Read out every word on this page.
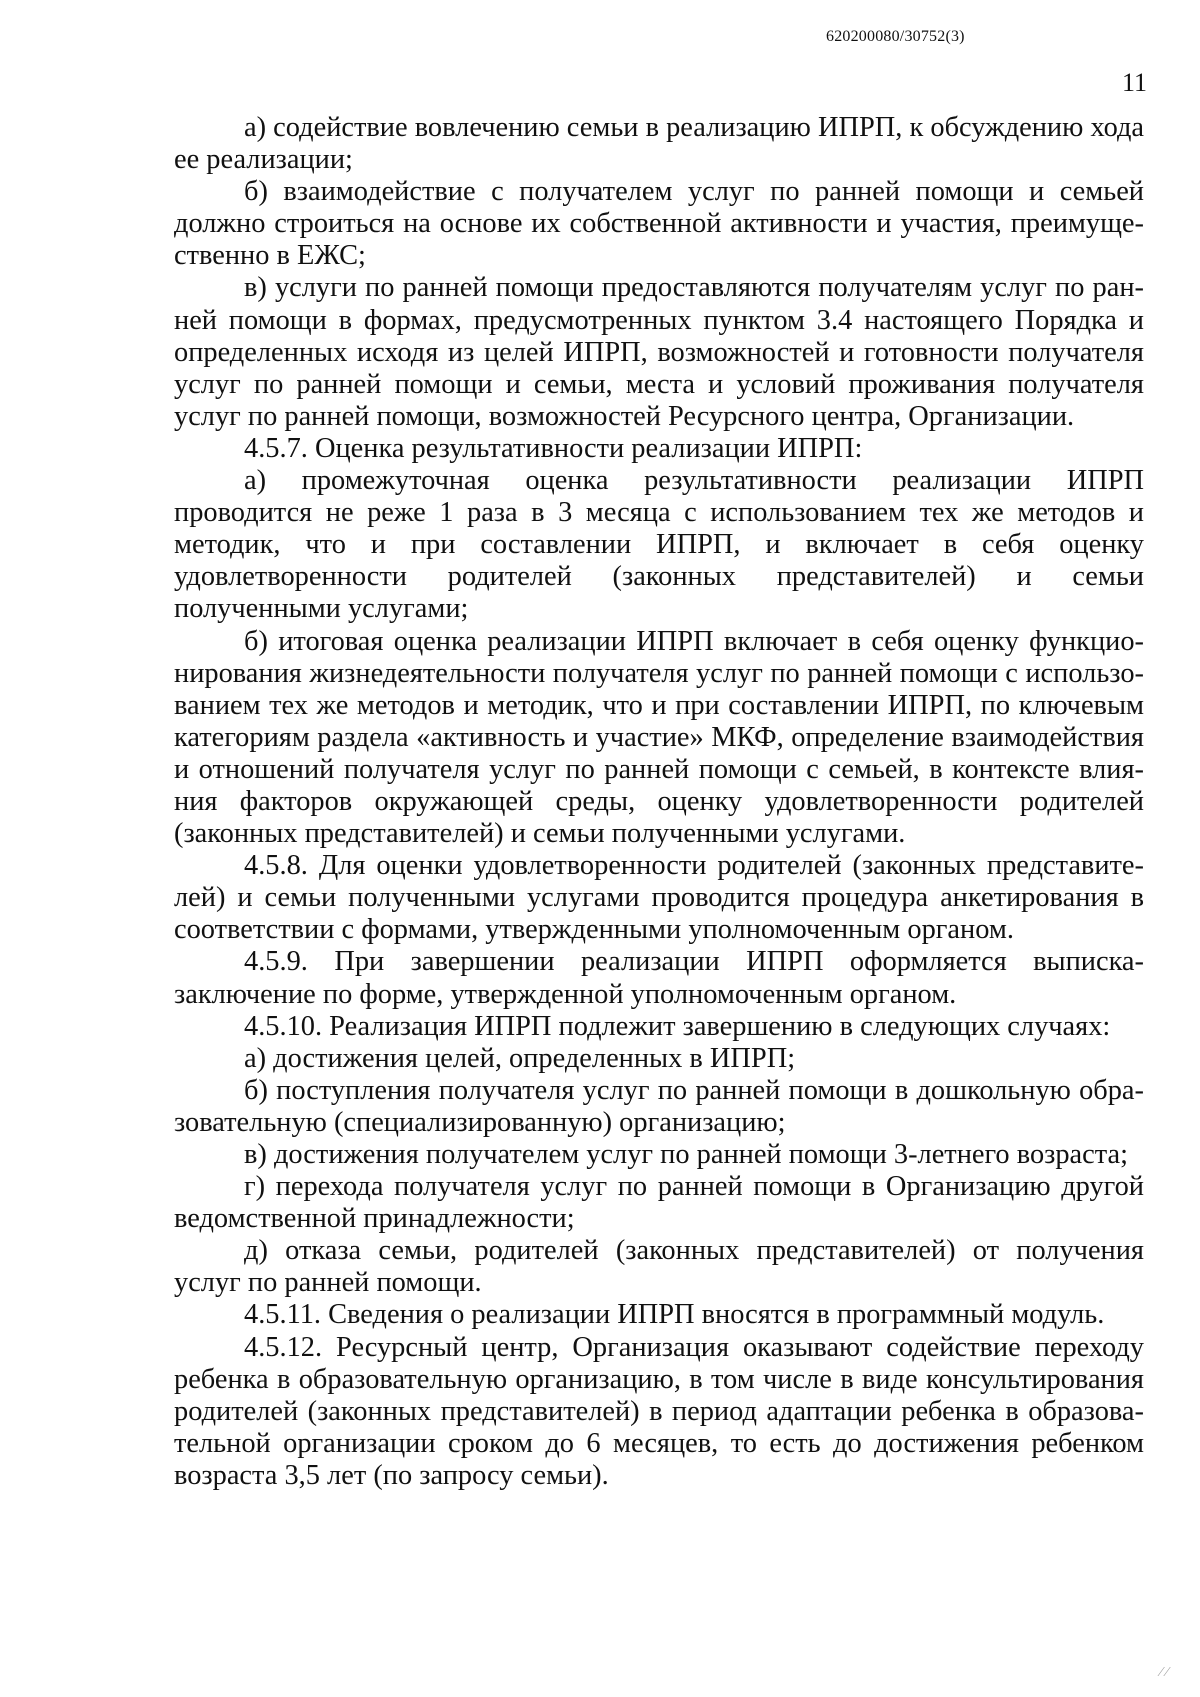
620200080/30752(3)
11

а) содействие вовлечению семьи в реализацию ИПРП, к обсуждению хода ее реализации;

б) взаимодействие с получателем услуг по ранней помощи и семьей должно строиться на основе их собственной активности и участия, преимущественно в ЕЖС;

в) услуги по ранней помощи предоставляются получателям услуг по ранней помощи в формах, предусмотренных пунктом 3.4 настоящего Порядка и определенных исходя из целей ИПРП, возможностей и готовности получателя услуг по ранней помощи и семьи, места и условий проживания получателя услуг по ранней помощи, возможностей Ресурсного центра, Организации.

4.5.7. Оценка результативности реализации ИПРП:

а) промежуточная оценка результативности реализации ИПРП проводится не реже 1 раза в 3 месяца с использованием тех же методов и методик, что и при составлении ИПРП, и включает в себя оценку удовлетворенности родителей (законных представителей) и семьи полученными услугами;

б) итоговая оценка реализации ИПРП включает в себя оценку функционирования жизнедеятельности получателя услуг по ранней помощи с использованием тех же методов и методик, что и при составлении ИПРП, по ключевым категориям раздела «активность и участие» МКФ, определение взаимодействия и отношений получателя услуг по ранней помощи с семьей, в контексте влияния факторов окружающей среды, оценку удовлетворенности родителей (законных представителей) и семьи полученными услугами.

4.5.8. Для оценки удовлетворенности родителей (законных представителей) и семьи полученными услугами проводится процедура анкетирования в соответствии с формами, утвержденными уполномоченным органом.

4.5.9. При завершении реализации ИПРП оформляется выписка-заключение по форме, утвержденной уполномоченным органом.

4.5.10. Реализация ИПРП подлежит завершению в следующих случаях:

а) достижения целей, определенных в ИПРП;

б) поступления получателя услуг по ранней помощи в дошкольную образовательную (специализированную) организацию;

в) достижения получателем услуг по ранней помощи 3-летнего возраста;

г) перехода получателя услуг по ранней помощи в Организацию другой ведомственной принадлежности;

д) отказа семьи, родителей (законных представителей) от получения услуг по ранней помощи.

4.5.11. Сведения о реализации ИПРП вносятся в программный модуль.

4.5.12. Ресурсный центр, Организация оказывают содействие переходу ребенка в образовательную организацию, в том числе в виде консультирования родителей (законных представителей) в период адаптации ребенка в образовательной организации сроком до 6 месяцев, то есть до достижения ребенком возраста 3,5 лет (по запросу семьи).

⁄ ⁄
